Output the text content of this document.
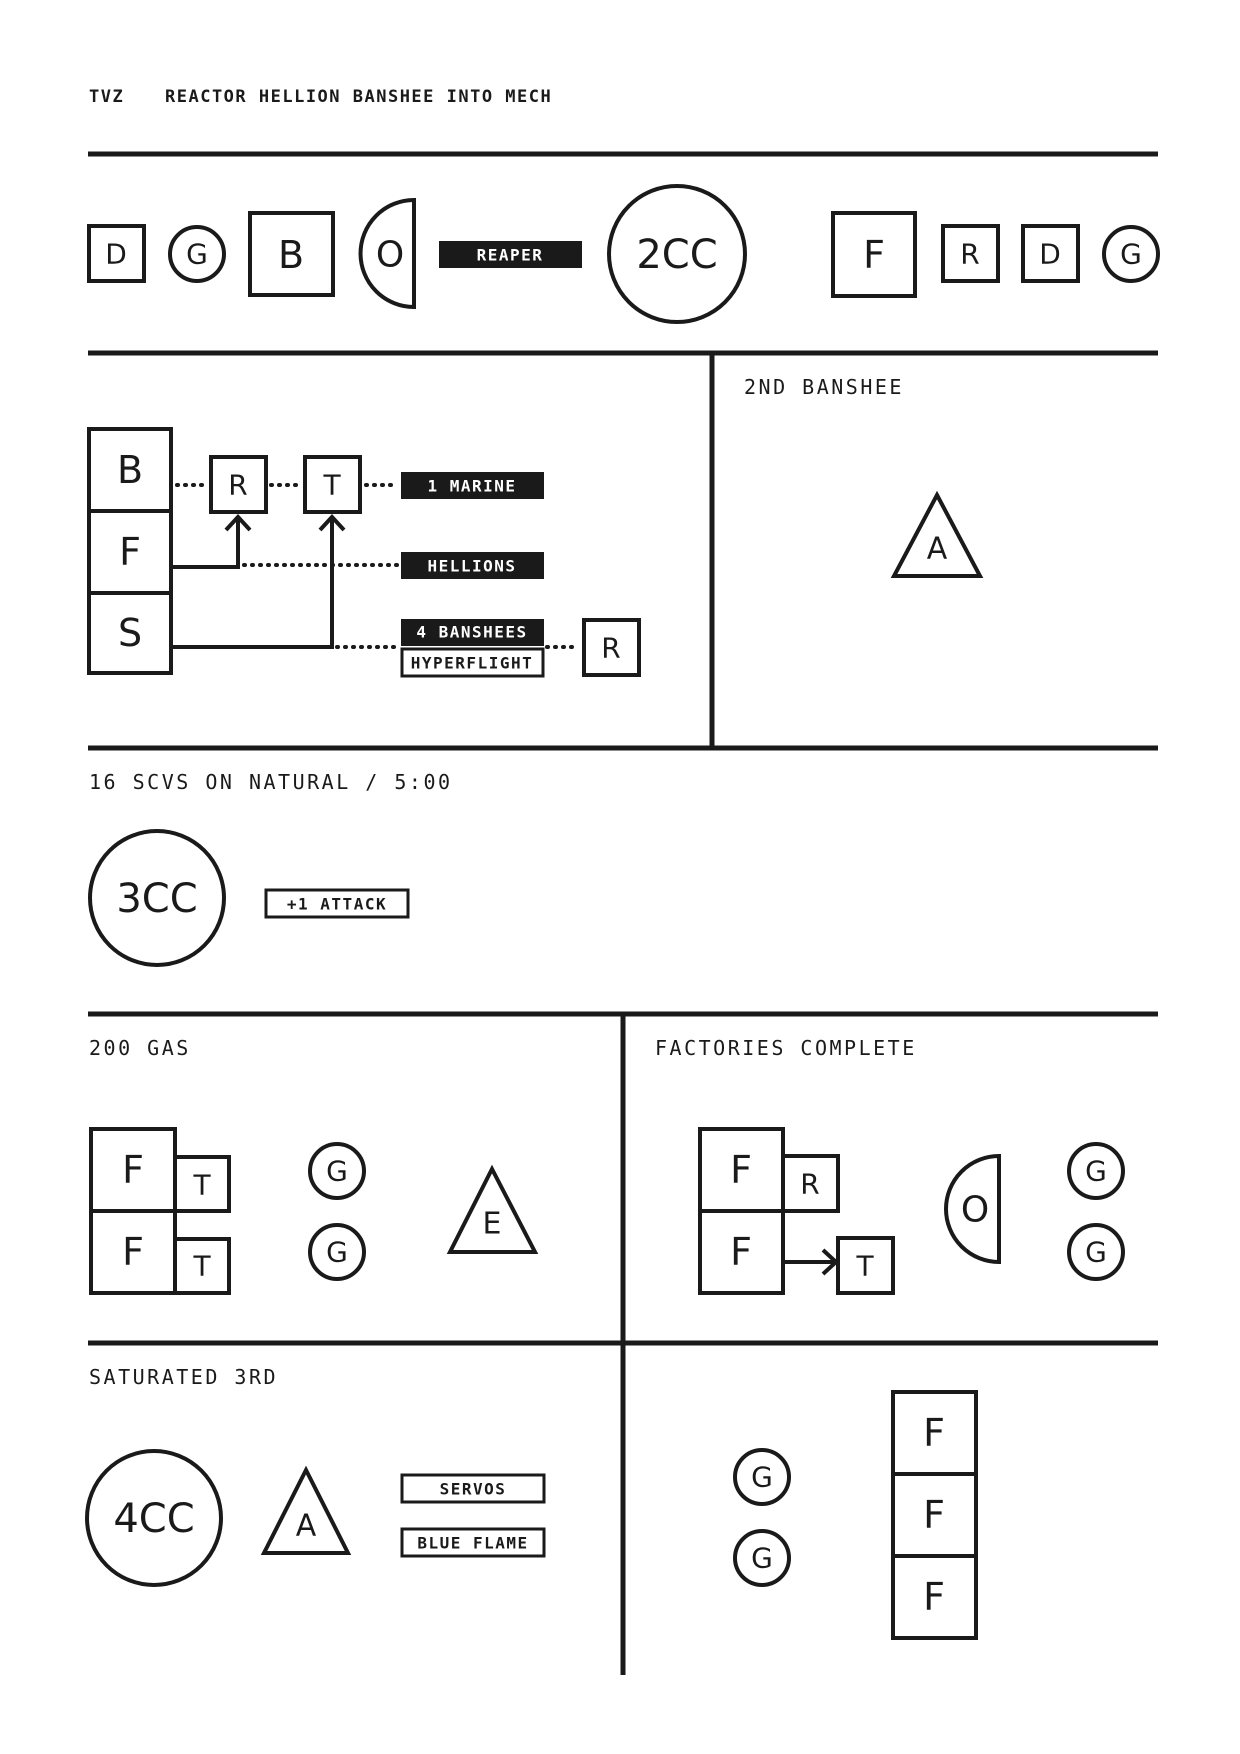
TVZ REACTOR HELLION BANSHEE INTO MECH
D G B O	REAPER 2CC	F	R D G
B
F
S
R	T	1 MARINE
HELLIONS
4 BANSHEES
HYPERFLIGHT R
2ND BANSHEE
A
16 SCVS ON NATURAL / 5:00
3CC	+1 ATTACK
200 GAS
F T
F T
G
G
E
FACTORIES COMPLETE
F R
F	T
O
G
G
SATURATED 3RD
4CC	A
SERVOS
BLUE FLAME
G
G
F
F
F
